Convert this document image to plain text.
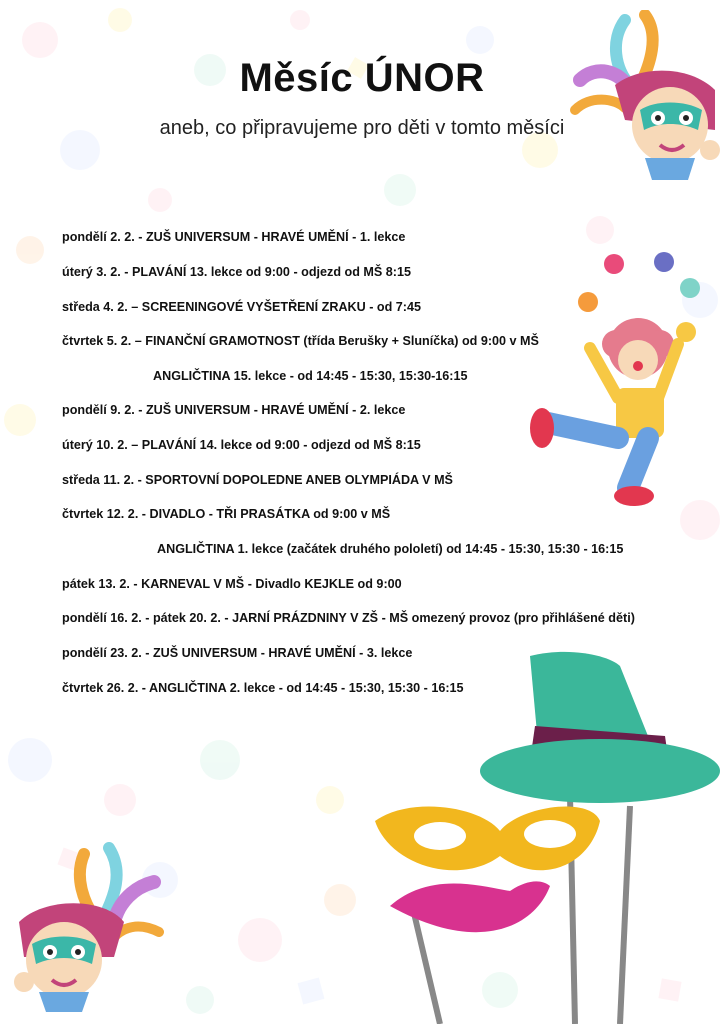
Měsíc ÚNOR
aneb, co připravujeme pro děti v tomto měsíci
pondělí 2. 2. - ZUŠ UNIVERSUM - HRAVÉ UMĚNÍ - 1. lekce
úterý 3. 2. - PLAVÁNÍ 13. lekce od 9:00 - odjezd od MŠ 8:15
středa 4. 2. – SCREENINGOVÉ VYŠETŘENÍ ZRAKU - od 7:45
čtvrtek 5. 2. – FINANČNÍ GRAMOTNOST (třída Berušky + Sluníčka) od 9:00 v MŠ
ANGLIČTINA 15. lekce - od 14:45 - 15:30, 15:30-16:15
pondělí 9. 2. - ZUŠ UNIVERSUM - HRAVÉ UMĚNÍ - 2. lekce
úterý 10. 2. – PLAVÁNÍ 14. lekce od 9:00 - odjezd od MŠ 8:15
středa 11. 2. - SPORTOVNÍ DOPOLEDNE ANEB OLYMPIÁDA V MŠ
čtvrtek 12. 2. - DIVADLO - TŘI PRASÁTKA od 9:00 v MŠ
ANGLIČTINA 1. lekce (začátek druhého pololetí) od 14:45 - 15:30, 15:30 - 16:15
pátek 13. 2. - KARNEVAL V MŠ - Divadlo KEJKLE od 9:00
pondělí 16. 2. - pátek 20. 2. - JARNÍ PRÁZDNINY V ZŠ - MŠ omezený provoz (pro přihlášené děti)
pondělí 23. 2. - ZUŠ UNIVERSUM - HRAVÉ UMĚNÍ - 3. lekce
čtvrtek 26. 2. - ANGLIČTINA 2. lekce - od 14:45 - 15:30, 15:30 - 16:15
